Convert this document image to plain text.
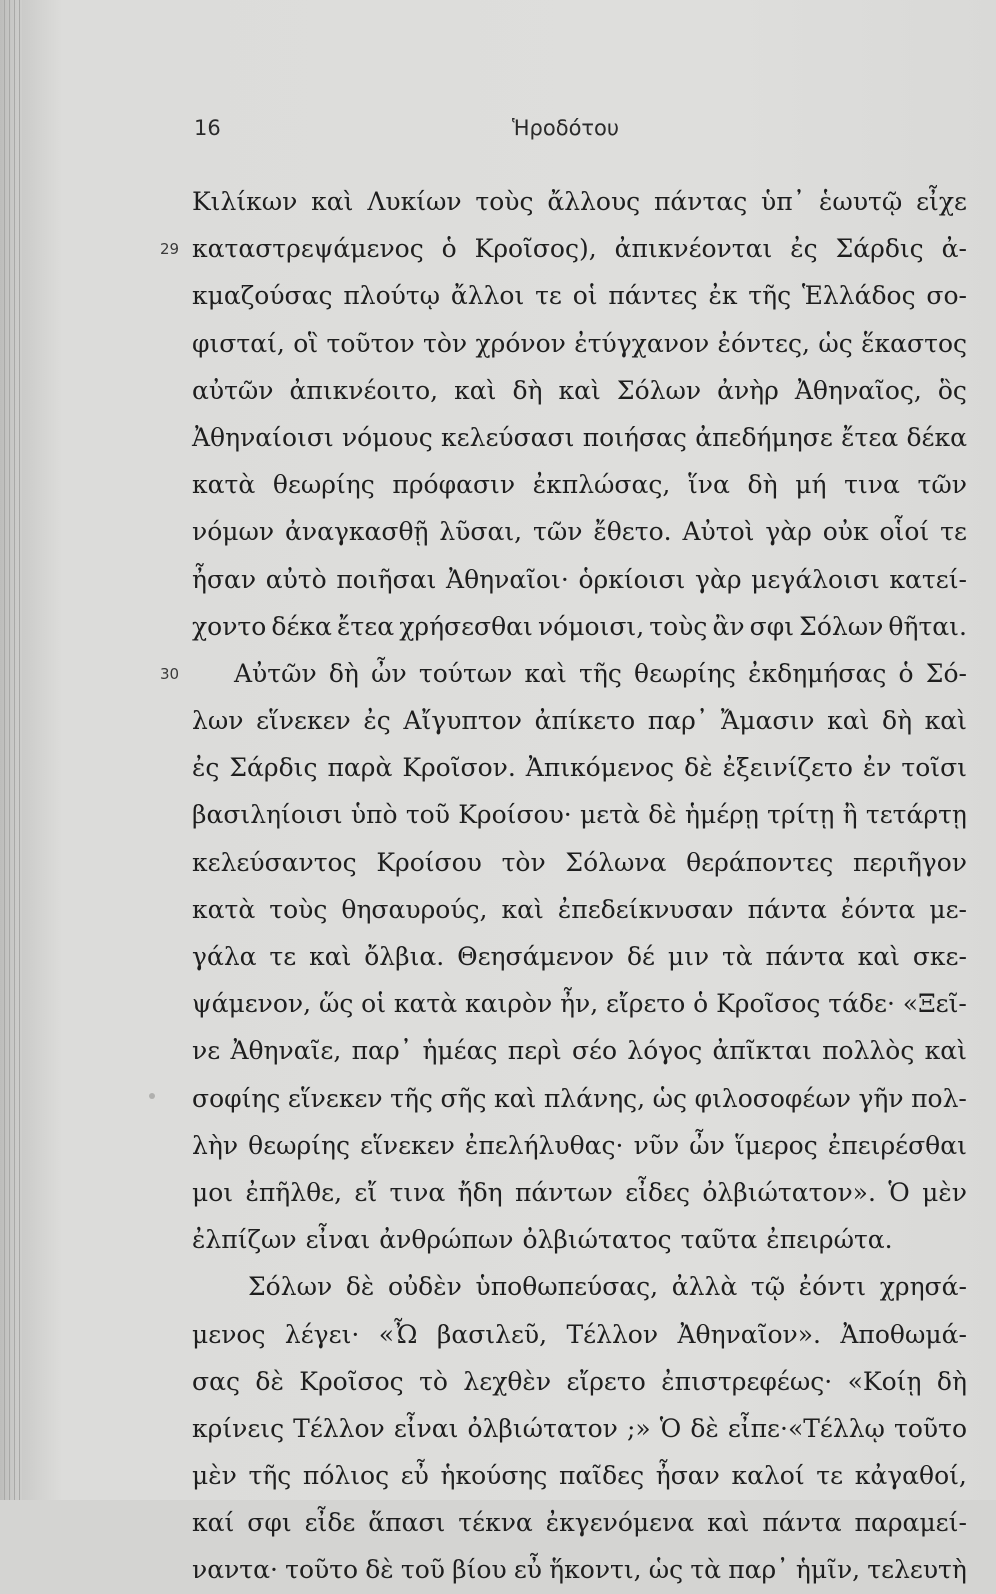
16	Ἡροδότου
Κιλίκων καὶ Λυκίων τοὺς ἄλλους πάντας ὑπ᾽ ἑωυτῷ εἶχε
29 καταστρεψάμενος ὁ Κροῖσος), ἀπικνέονται ἐς Σάρδις ἀ-
κμαζούσας πλούτῳ ἄλλοι τε οἱ πάντες ἐκ τῆς Ἑλλάδος σο-
φισταί, οἳ τοῦτον τὸν χρόνον ἐτύγχανον ἐόντες, ὡς ἕκαστος
αὐτῶν ἀπικνέοιτο, καὶ δὴ καὶ Σόλων ἀνὴρ Ἀθηναῖος, ὃς
Ἀθηναίοισι νόμους κελεύσασι ποιήσας ἀπεδήμησε ἔτεα δέκα
κατὰ θεωρίης πρόφασιν ἐκπλώσας, ἵνα δὴ μή τινα τῶν
νόμων ἀναγκασθῇ λῦσαι, τῶν ἔθετο. Αὐτοὶ γὰρ οὐκ οἷοί τε
ἦσαν αὐτὸ ποιῆσαι Ἀθηναῖοι· ὁρκίοισι γὰρ μεγάλοισι κατεί-
χοντο δέκα ἔτεα χρήσεσθαι νόμοισι, τοὺς ἂν σφι Σόλων θῆται.
30 Αὐτῶν δὴ ὦν τούτων καὶ τῆς θεωρίης ἐκδημήσας ὁ Σό-
λων εἵνεκεν ἐς Αἴγυπτον ἀπίκετο παρ᾽ Ἄμασιν καὶ δὴ καὶ
ἐς Σάρδις παρὰ Κροῖσον. Ἀπικόμενος δὲ ἐξεινίζετο ἐν τοῖσι
βασιληίοισι ὑπὸ τοῦ Κροίσου· μετὰ δὲ ἡμέρῃ τρίτῃ ἢ τετάρτῃ
κελεύσαντος Κροίσου τὸν Σόλωνα θεράποντες περιῆγον
κατὰ τοὺς θησαυρούς, καὶ ἐπεδείκνυσαν πάντα ἐόντα με-
γάλα τε καὶ ὄλβια. Θεησάμενον δέ μιν τὰ πάντα καὶ σκε-
ψάμενον, ὥς οἱ κατὰ καιρὸν ἦν, εἴρετο ὁ Κροῖσος τάδε· «Ξεῖ-
νε Ἀθηναῖε, παρ᾽ ἡμέας περὶ σέο λόγος ἀπῖκται πολλὸς καὶ
σοφίης εἵνεκεν τῆς σῆς καὶ πλάνης, ὡς φιλοσοφέων γῆν πολ-
λὴν θεωρίης εἵνεκεν ἐπελήλυθας· νῦν ὦν ἵμερος ἐπειρέσθαι
μοι ἐπῆλθε, εἴ τινα ἤδη πάντων εἶδες ὀλβιώτατον». Ὁ μὲν
ἐλπίζων εἶναι ἀνθρώπων ὀλβιώτατος ταῦτα ἐπειρώτα.
Σόλων δὲ οὐδὲν ὑποθωπεύσας, ἀλλὰ τῷ ἐόντι χρησά-
μενος λέγει· «Ὦ βασιλεῦ, Τέλλον Ἀθηναῖον». Ἀποθωμά-
σας δὲ Κροῖσος τὸ λεχθὲν εἴρετο ἐπιστρεφέως· «Κοίῃ δὴ
κρίνεις Τέλλον εἶναι ὀλβιώτατον ;» Ὁ δὲ εἶπε·«Τέλλῳ τοῦτο
μὲν τῆς πόλιος εὖ ἡκούσης παῖδες ἦσαν καλοί τε κἀγαθοί,
καί σφι εἶδε ἅπασι τέκνα ἐκγενόμενα καὶ πάντα παραμεί-
ναντα· τοῦτο δὲ τοῦ βίου εὖ ἥκοντι, ὡς τὰ παρ᾽ ἡμῖν, τελευτὴ
